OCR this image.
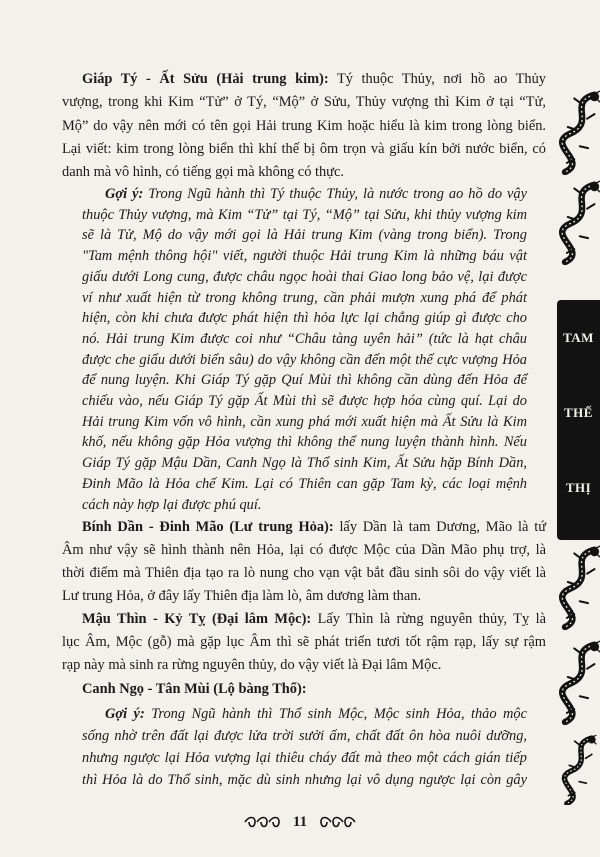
Giáp Tý - Ất Sửu (Hải trung kim): Tý thuộc Thủy, nơi hồ ao Thủy
vượng, trong khi Kim “Tử” ở Tý, “Mộ” ở Sửu, Thủy vượng thì Kim ở tại “Tử,
Mộ” do vậy nên mới có tên gọi Hải trung Kim hoặc hiểu là kim trong lòng biển.
Lại viết: kim trong lòng biển thì khí thế bị ôm trọn và giấu kín bởi nước biển, có
danh mà vô hình, có tiếng gọi mà không có thực.
Gợi ý: Trong Ngũ hành thì Tý thuộc Thủy, là nước trong ao hồ do vậy
thuộc Thủy vượng, mà Kim “Tử” tại Tý, “Mộ” tại Sửu, khi thủy vượng kim
sẽ là Tử, Mộ do vậy mới gọi là Hải trung Kim (vàng trong biển). Trong
"Tam mệnh thông hội" viết, người thuộc Hải trung Kim là những báu vật
giấu dưới Long cung, được châu ngọc hoài thai Giao long bảo vệ, lại được
ví như xuất hiện từ trong không trung, cần phải mượn xung phá để phát
hiện, còn khi chưa được phát hiện thì hỏa lực lại chẳng giúp gì được cho
nó. Hải trung Kim được coi như “Châu tàng uyên hải” (tức là hạt châu
được che giấu dưới biển sâu) do vậy không cần đến một thế cực vượng Hỏa
để nung luyện. Khi Giáp Tý gặp Quí Mùi thì không cần dùng đến Hỏa để
chiếu vào, nếu Giáp Tý gặp Ất Mùi thì sẽ được hợp hóa cùng quí. Lại do
Hải trung Kim vốn vô hình, cần xung phá mới xuất hiện mà Ất Sửu là Kim
khố, nếu không gặp Hỏa vượng thì không thể nung luyện thành hình. Nếu
Giáp Tý gặp Mậu Dần, Canh Ngọ là Thổ sinh Kim, Ất Sửu hặp Bính Dần,
Đinh Mão là Hỏa chế Kim. Lại có Thiên can gặp Tam kỳ, các loại mệnh
cách này hợp lại được phú quí.
Bính Dần - Đinh Mão (Lư trung Hỏa): lấy Dần là tam Dương, Mão là tứ
Âm như vậy sẽ hình thành nên Hỏa, lại có được Mộc của Dần Mão phụ trợ, là
thời điểm mà Thiên địa tạo ra lò nung cho vạn vật bắt đầu sinh sôi do vậy viết là
Lư trung Hỏa, ở đây lấy Thiên địa làm lò, âm dương làm than.
Mậu Thìn - Kỷ Tỵ (Đại lâm Mộc): Lấy Thìn là rừng nguyên thủy, Tỵ là
lục Âm, Mộc (gỗ) mà gặp lục Âm thì sẽ phát triển tươi tốt rậm rạp, lấy sự rậm
rạp này mà sinh ra rừng nguyên thủy, do vậy viết là Đại lâm Mộc.
Canh Ngọ - Tân Mùi (Lộ bàng Thổ):
Gợi ý: Trong Ngũ hành thì Thổ sinh Mộc, Mộc sinh Hỏa, thảo mộc
sống nhờ trên đất lại được lửa trời sưởi ấm, chất đất ôn hòa nuôi dưỡng,
nhưng ngược lại Hỏa vượng lại thiêu cháy đất mà theo một cách gián tiếp
thì Hỏa là do Thổ sinh, mặc dù sinh nhưng lại vô dụng ngược lại còn gây
TAM
THẾ
THỊ
11
